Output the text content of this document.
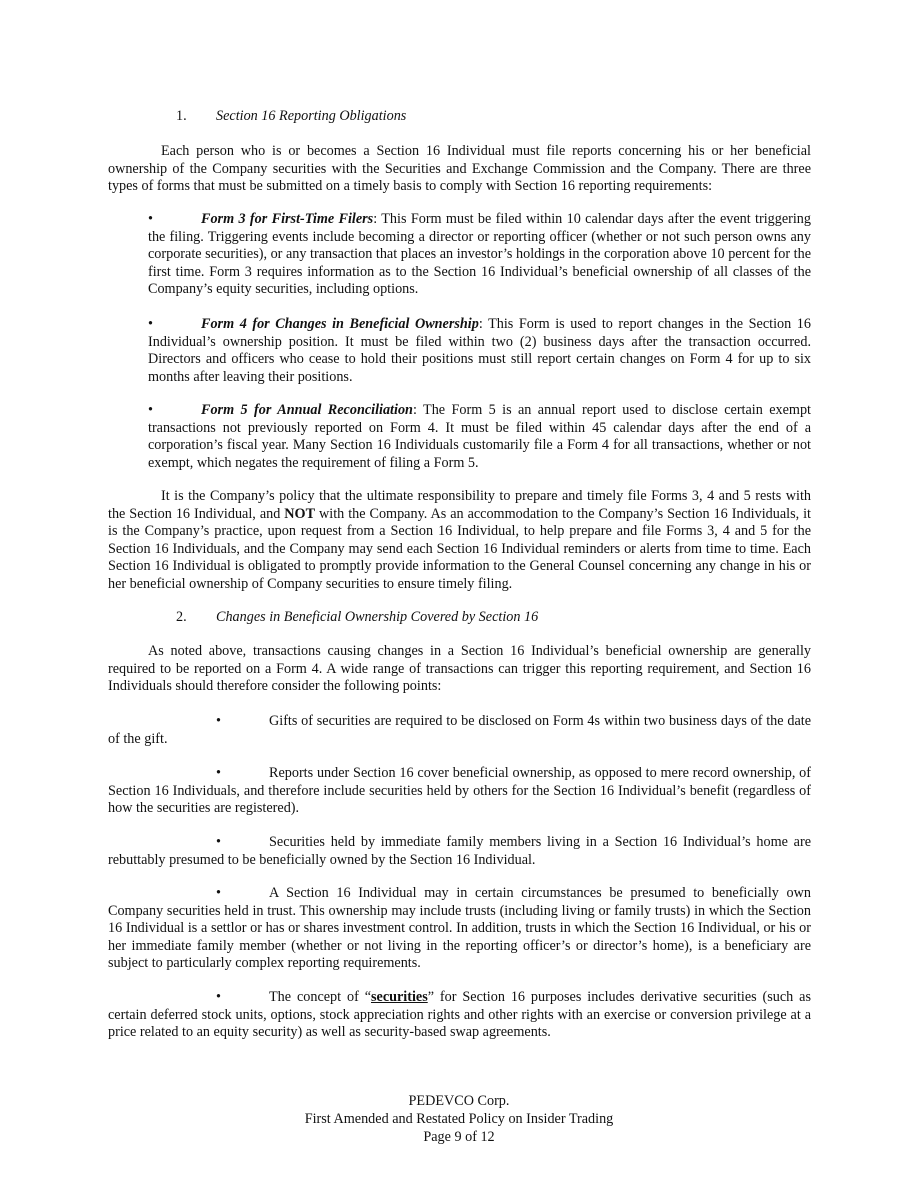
1. Section 16 Reporting Obligations

Each person who is or becomes a Section 16 Individual must file reports concerning his or her beneficial ownership of the Company securities with the Securities and Exchange Commission and the Company. There are three types of forms that must be submitted on a timely basis to comply with Section 16 reporting requirements:

•	Form 3 for First-Time Filers: This Form must be filed within 10 calendar days after the event triggering the filing. Triggering events include becoming a director or reporting officer (whether or not such person owns any corporate securities), or any transaction that places an investor’s holdings in the corporation above 10 percent for the first time. Form 3 requires information as to the Section 16 Individual’s beneficial ownership of all classes of the Company’s equity securities, including options.

•	Form 4 for Changes in Beneficial Ownership: This Form is used to report changes in the Section 16 Individual’s ownership position. It must be filed within two (2) business days after the transaction occurred. Directors and officers who cease to hold their positions must still report certain changes on Form 4 for up to six months after leaving their positions.

•	Form 5 for Annual Reconciliation: The Form 5 is an annual report used to disclose certain exempt transactions not previously reported on Form 4. It must be filed within 45 calendar days after the end of a corporation’s fiscal year. Many Section 16 Individuals customarily file a Form 4 for all transactions, whether or not exempt, which negates the requirement of filing a Form 5.

It is the Company’s policy that the ultimate responsibility to prepare and timely file Forms 3, 4 and 5 rests with the Section 16 Individual, and NOT with the Company. As an accommodation to the Company’s Section 16 Individuals, it is the Company’s practice, upon request from a Section 16 Individual, to help prepare and file Forms 3, 4 and 5 for the Section 16 Individuals, and the Company may send each Section 16 Individual reminders or alerts from time to time. Each Section 16 Individual is obligated to promptly provide information to the General Counsel concerning any change in his or her beneficial ownership of Company securities to ensure timely filing.

2. Changes in Beneficial Ownership Covered by Section 16

As noted above, transactions causing changes in a Section 16 Individual’s beneficial ownership are generally required to be reported on a Form 4. A wide range of transactions can trigger this reporting requirement, and Section 16 Individuals should therefore consider the following points:

•	Gifts of securities are required to be disclosed on Form 4s within two business days of the date of the gift.

•	Reports under Section 16 cover beneficial ownership, as opposed to mere record ownership, of Section 16 Individuals, and therefore include securities held by others for the Section 16 Individual’s benefit (regardless of how the securities are registered).

•	Securities held by immediate family members living in a Section 16 Individual’s home are rebuttably presumed to be beneficially owned by the Section 16 Individual.

•	A Section 16 Individual may in certain circumstances be presumed to beneficially own Company securities held in trust. This ownership may include trusts (including living or family trusts) in which the Section 16 Individual is a settlor or has or shares investment control. In addition, trusts in which the Section 16 Individual, or his or her immediate family member (whether or not living in the reporting officer’s or director’s home), is a beneficiary are subject to particularly complex reporting requirements.

•	The concept of “securities” for Section 16 purposes includes derivative securities (such as certain deferred stock units, options, stock appreciation rights and other rights with an exercise or conversion privilege at a price related to an equity security) as well as security-based swap agreements.

PEDEVCO Corp.
First Amended and Restated Policy on Insider Trading
Page 9 of 12
